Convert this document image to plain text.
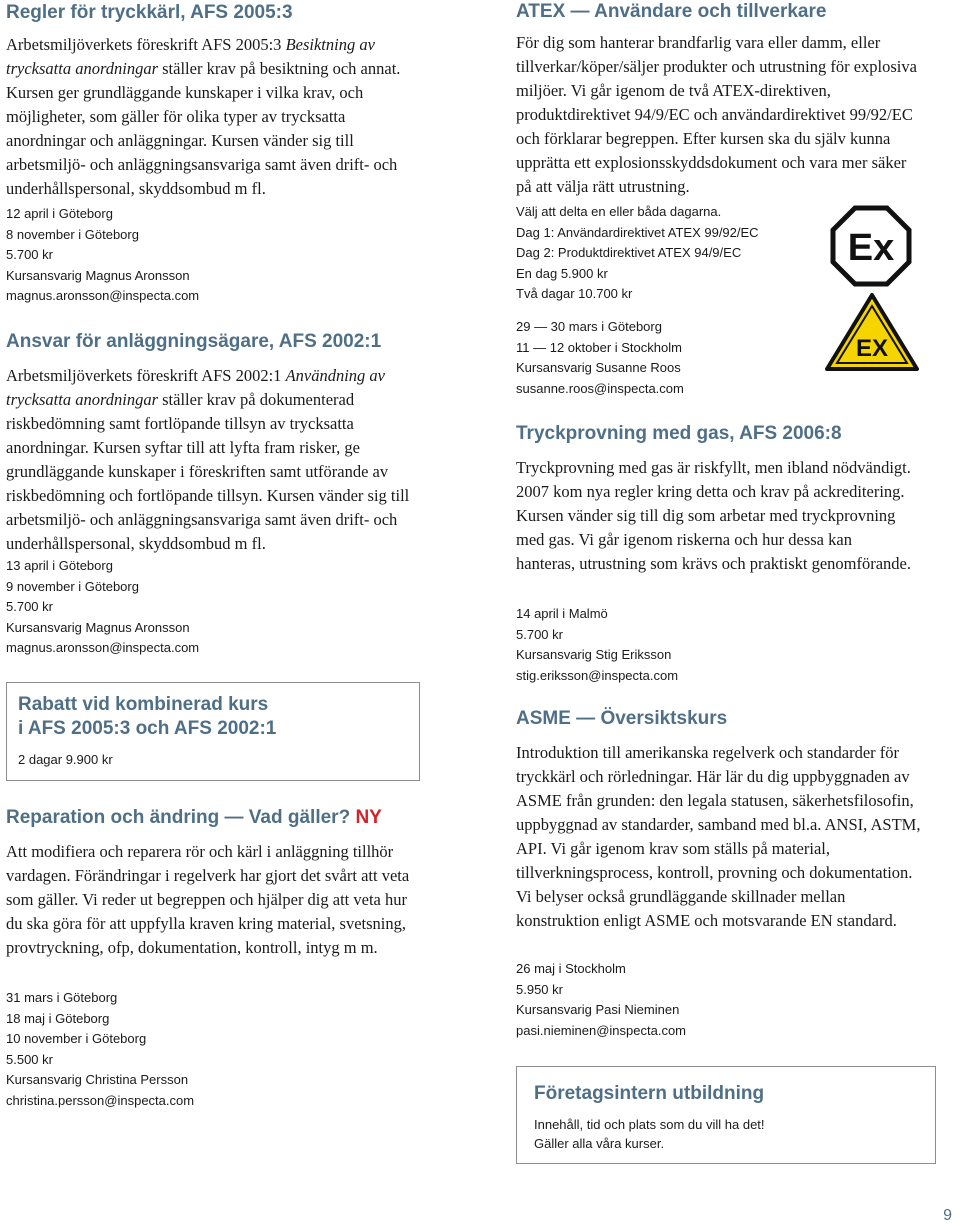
Regler för tryckkärl, AFS 2005:3

Arbetsmiljöverkets föreskrift AFS 2005:3 Besiktning av trycksatta anordningar ställer krav på besiktning och annat. Kursen ger grundläggande kunskaper i vilka krav, och möjligheter, som gäller för olika typer av trycksatta anordningar och anläggningar. Kursen vänder sig till arbetsmiljö- och anläggningsansvariga samt även drift- och underhållspersonal, skyddsombud m fl.

12 april i Göteborg
8 november i Göteborg
5.700 kr
Kursansvarig Magnus Aronsson
magnus.aronsson@inspecta.com
Ansvar för anläggningsägare, AFS 2002:1

Arbetsmiljöverkets föreskrift AFS 2002:1 Användning av trycksatta anordningar ställer krav på dokumenterad riskbedömning samt fortlöpande tillsyn av trycksatta anordningar. Kursen syftar till att lyfta fram risker, ge grundläggande kunskaper i föreskriften samt utförande av riskbedömning och fortlöpande tillsyn. Kursen vänder sig till arbetsmiljö- och anläggningsansvariga samt även drift- och underhållspersonal, skyddsombud m fl.

13 april i Göteborg
9 november i Göteborg
5.700 kr
Kursansvarig Magnus Aronsson
magnus.aronsson@inspecta.com
Rabatt vid kombinerad kurs
i AFS 2005:3 och AFS 2002:1
2 dagar 9.900 kr
Reparation och ändring — Vad gäller? NY

Att modifiera och reparera rör och kärl i anläggning tillhör vardagen. Förändringar i regelverk har gjort det svårt att veta som gäller. Vi reder ut begreppen och hjälper dig att veta hur du ska göra för att uppfylla kraven kring material, svetsning, provtryckning, ofp, dokumentation, kontroll, intyg m m.

31 mars i Göteborg
18 maj i Göteborg
10 november i Göteborg
5.500 kr
Kursansvarig Christina Persson
christina.persson@inspecta.com
ATEX — Användare och tillverkare

För dig som hanterar brandfarlig vara eller damm, eller tillverkar/köper/säljer produkter och utrustning för explosiva miljöer. Vi går igenom de två ATEX-direktiven, produktdirektivet 94/9/EC och användardirektivet 99/92/EC och förklarar begreppen. Efter kursen ska du själv kunna upprätta ett explosionsskyddsdokument och vara mer säker på att välja rätt utrustning.

Välj att delta en eller båda dagarna.
Dag 1: Användardirektivet ATEX 99/92/EC
Dag 2: Produktdirektivet ATEX 94/9/EC
En dag 5.900 kr
Två dagar 10.700 kr
29 — 30 mars i Göteborg
11 — 12 oktober i Stockholm
Kursansvarig Susanne Roos
susanne.roos@inspecta.com
Ex
EX
Tryckprovning med gas, AFS 2006:8

Tryckprovning med gas är riskfyllt, men ibland nödvändigt. 2007 kom nya regler kring detta och krav på ackreditering. Kursen vänder sig till dig som arbetar med tryckprovning med gas. Vi går igenom riskerna och hur dessa kan hanteras, utrustning som krävs och praktiskt genomförande.

14 april i Malmö
5.700 kr
Kursansvarig Stig Eriksson
stig.eriksson@inspecta.com
ASME — Översiktskurs

Introduktion till amerikanska regelverk och standarder för tryckkärl och rörledningar. Här lär du dig uppbyggnaden av ASME från grunden: den legala statusen, säkerhetsfilosofin, uppbyggnad av standarder, samband med bl.a. ANSI, ASTM, API. Vi går igenom krav som ställs på material, tillverkningsprocess, kontroll, provning och dokumentation. Vi belyser också grundläggande skillnader mellan konstruktion enligt ASME och motsvarande EN standard.

26 maj i Stockholm
5.950 kr
Kursansvarig Pasi Nieminen
pasi.nieminen@inspecta.com
Företagsintern utbildning
Innehåll, tid och plats som du vill ha det!
Gäller alla våra kurser.
9
